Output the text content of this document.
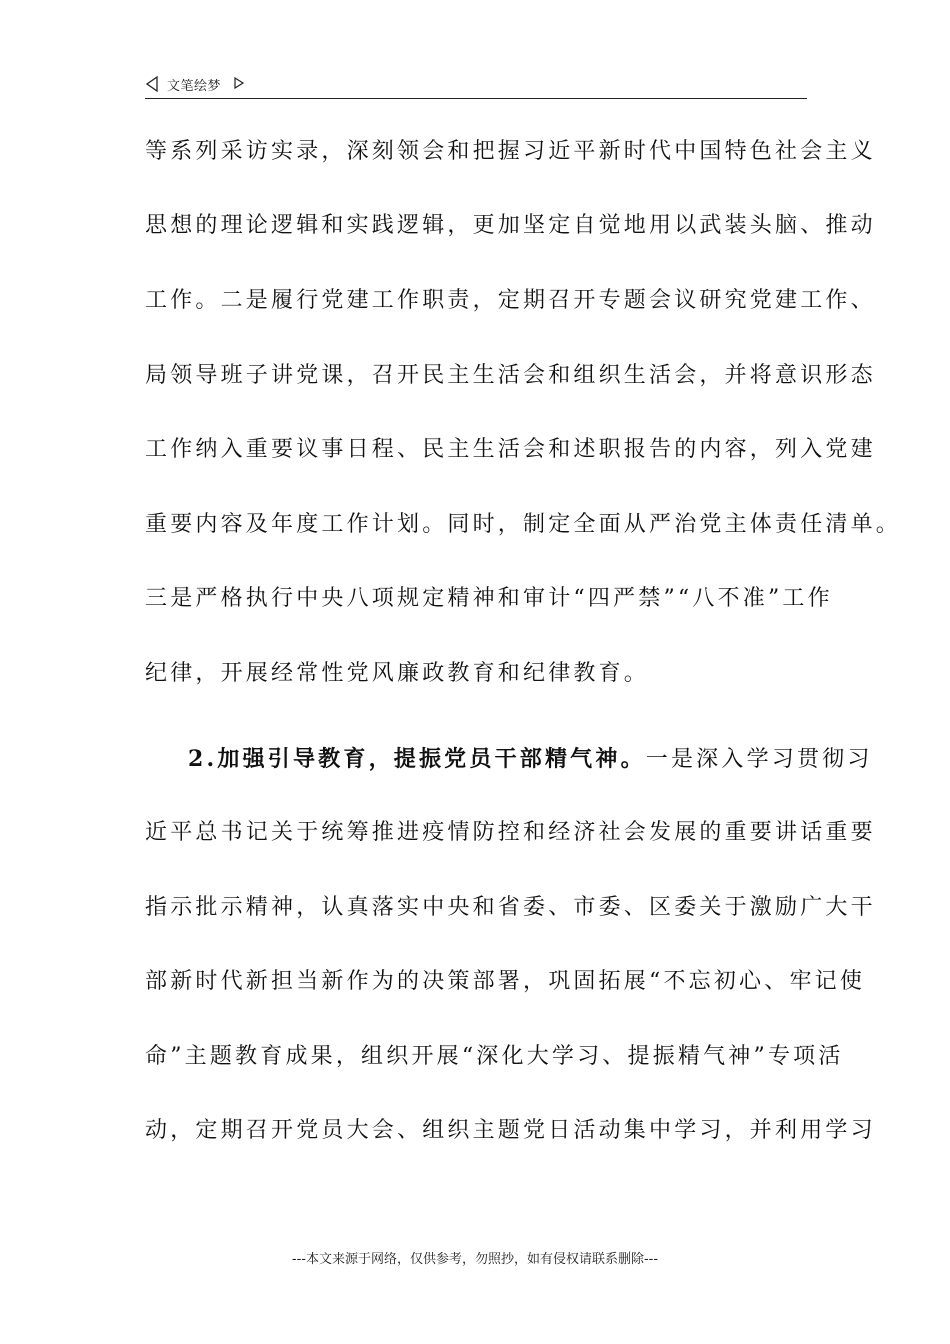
文笔绘梦
等系列采访实录，深刻领会和把握习近平新时代中国特色社会主义
思想的理论逻辑和实践逻辑，更加坚定自觉地用以武装头脑、推动
工作。二是履行党建工作职责，定期召开专题会议研究党建工作、
局领导班子讲党课，召开民主生活会和组织生活会，并将意识形态
工作纳入重要议事日程、民主生活会和述职报告的内容，列入党建
重要内容及年度工作计划。同时，制定全面从严治党主体责任清单。
三是严格执行中央八项规定精神和审计“四严禁”“八不准”工作
纪律，开展经常性党风廉政教育和纪律教育。
2.加强引导教育，提振党员干部精气神。一是深入学习贯彻习
近平总书记关于统筹推进疫情防控和经济社会发展的重要讲话重要
指示批示精神，认真落实中央和省委、市委、区委关于激励广大干
部新时代新担当新作为的决策部署，巩固拓展“不忘初心、牢记使
命”主题教育成果，组织开展“深化大学习、提振精气神”专项活
动，定期召开党员大会、组织主题党日活动集中学习，并利用学习
---本文来源于网络，仅供参考，勿照抄，如有侵权请联系删除---
